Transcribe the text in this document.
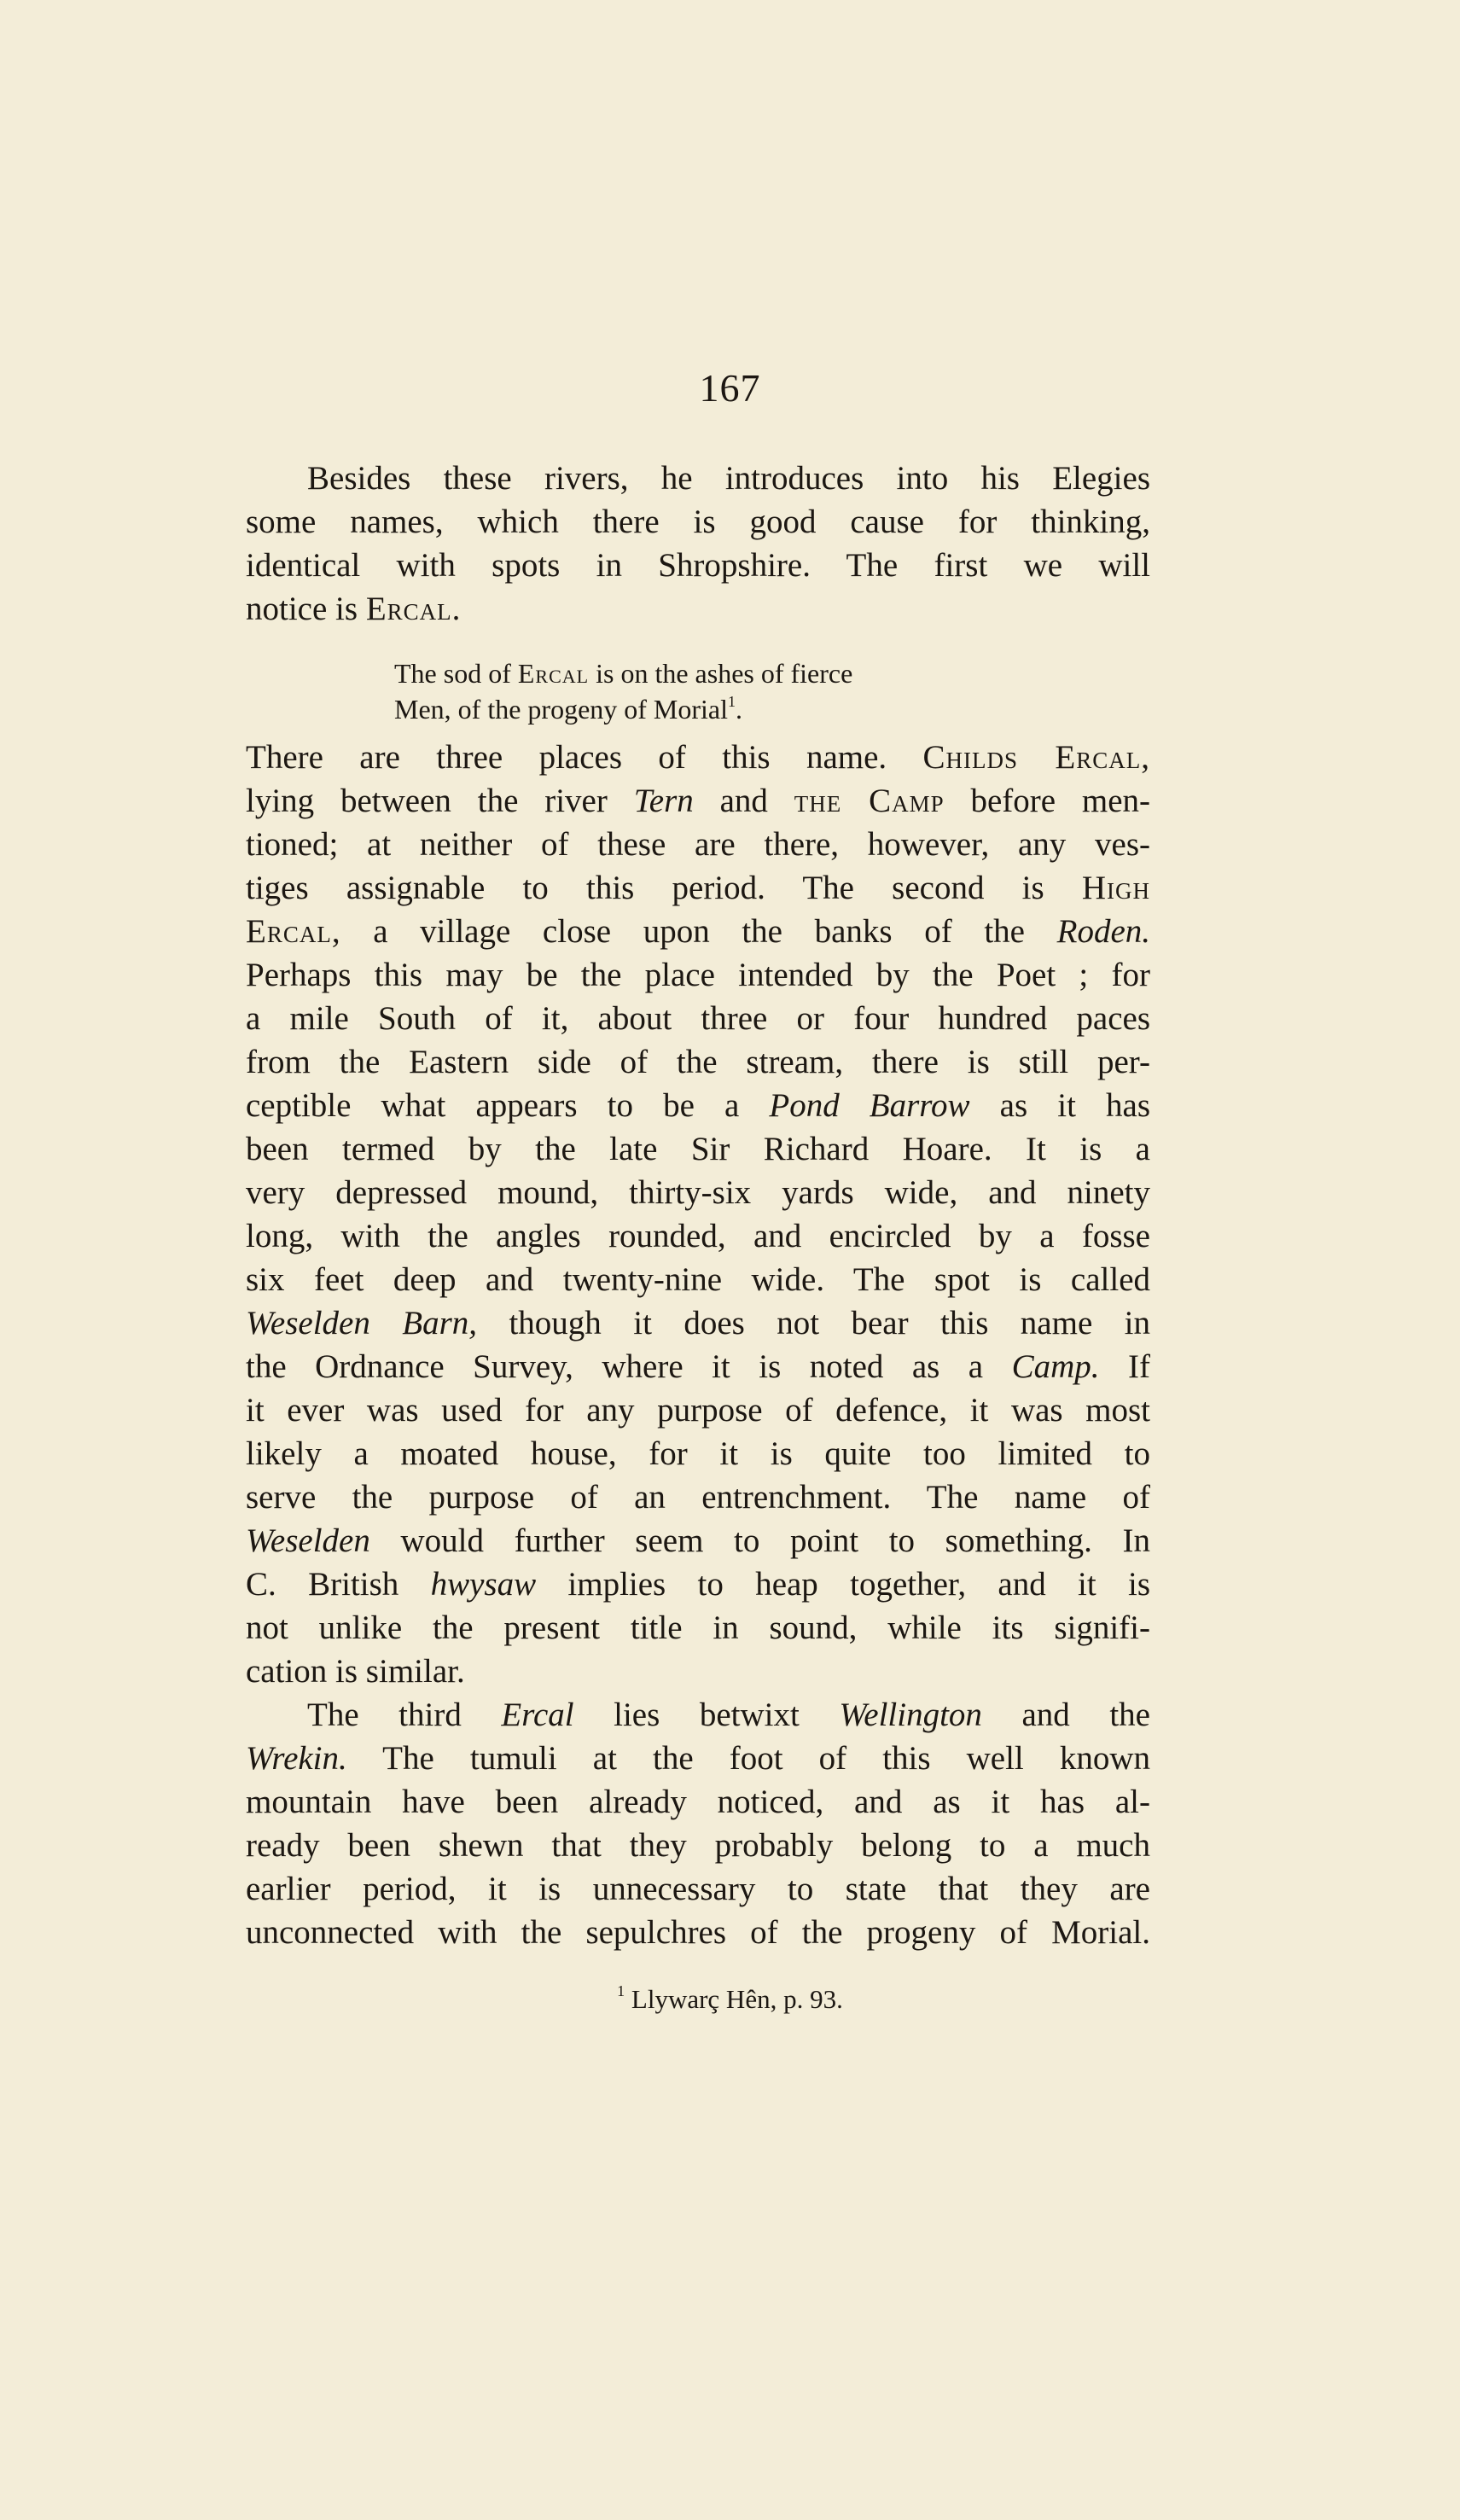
167
Besides these rivers, he introduces into his Elegies
some names, which there is good cause for thinking,
identical with spots in Shropshire. The first we will
notice is Ercal.
The sod of Ercal is on the ashes of fierce
Men, of the progeny of Morial$^1$.
There are three places of this name. Childs Ercal,
lying between the river Tern and the Camp before men-
tioned; at neither of these are there, however, any ves-
tiges assignable to this period. The second is High
Ercal, a village close upon the banks of the Roden.
Perhaps this may be the place intended by the Poet ; for
a mile South of it, about three or four hundred paces
from the Eastern side of the stream, there is still per-
ceptible what appears to be a Pond Barrow as it has
been termed by the late Sir Richard Hoare. It is a
very depressed mound, thirty-six yards wide, and ninety
long, with the angles rounded, and encircled by a fosse
six feet deep and twenty-nine wide. The spot is called
Weselden Barn, though it does not bear this name in
the Ordnance Survey, where it is noted as a Camp. If
it ever was used for any purpose of defence, it was most
likely a moated house, for it is quite too limited to
serve the purpose of an entrenchment. The name of
Weselden would further seem to point to something. In
C. British hwysaw implies to heap together, and it is
not unlike the present title in sound, while its signifi-
cation is similar.
The third Ercal lies betwixt Wellington and the
Wrekin. The tumuli at the foot of this well known
mountain have been already noticed, and as it has al-
ready been shewn that they probably belong to a much
earlier period, it is unnecessary to state that they are
unconnected with the sepulchres of the progeny of Morial.
$^1$ Llywarç Hên, p. 93.
